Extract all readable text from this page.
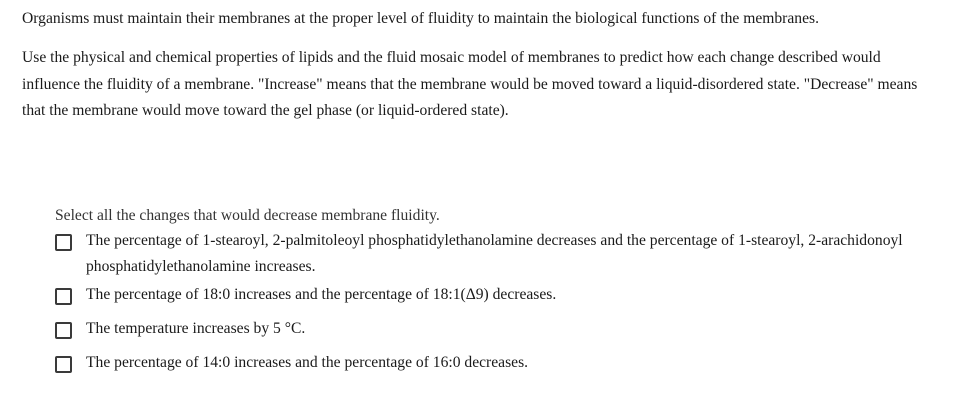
Organisms must maintain their membranes at the proper level of fluidity to maintain the biological functions of the membranes.

Use the physical and chemical properties of lipids and the fluid mosaic model of membranes to predict how each change described would influence the fluidity of a membrane. "Increase" means that the membrane would be moved toward a liquid-disordered state. "Decrease" means that the membrane would move toward the gel phase (or liquid-ordered state).

Select all the changes that would decrease membrane fluidity.

The percentage of 1-stearoyl, 2-palmitoleoyl phosphatidylethanolamine decreases and the percentage of 1-stearoyl, 2-arachidonoyl phosphatidylethanolamine increases.
The percentage of 18:0 increases and the percentage of 18:1(Δ9) decreases.
The temperature increases by 5 °C.
The percentage of 14:0 increases and the percentage of 16:0 decreases.
